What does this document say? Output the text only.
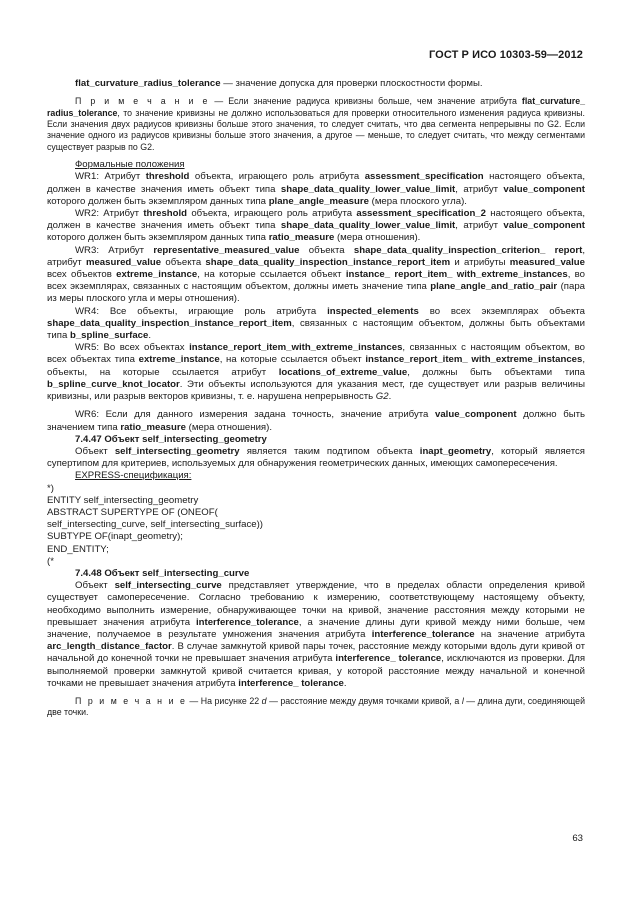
ГОСТ Р ИСО 10303-59—2012

flat_curvature_radius_tolerance — значение допуска для проверки плоскостности формы.

П р и м е ч а н и е — Если значение радиуса кривизны больше, чем значение атрибута flat_curvature_ radius_tolerance, то значение кривизны не должно использоваться для проверки относительного изменения радиуса кривизны. Если значения двух радиусов кривизны больше этого значения, то следует считать, что два сегмента непрерывны по G2. Если значение одного из радиусов кривизны больше этого значения, а другое — меньше, то следует считать, что между сегментами существует разрыв по G2.

Формальные положения

WR1: Атрибут threshold объекта, играющего роль атрибута assessment_specification настоящего объекта, должен в качестве значения иметь объект типа shape_data_quality_lower_value_limit, атрибут value_component которого должен быть экземпляром данных типа plane_angle_measure (мера плоского угла).

WR2: Атрибут threshold объекта, играющего роль атрибута assessment_specification_2 настоящего объекта, должен в качестве значения иметь объект типа shape_data_quality_lower_value_limit, атрибут value_component которого должен быть экземпляром данных типа ratio_measure (мера отношения).

WR3: Атрибут representative_measured_value объекта shape_data_quality_inspection_criterion_ report, атрибут measured_value объекта shape_data_quality_inspection_instance_report_item и атрибуты measured_value всех объектов extreme_instance, на которые ссылается объект instance_ report_item_ with_extreme_instances, во всех экземплярах, связанных с настоящим объектом, должны иметь значение типа plane_angle_and_ratio_pair (пара из меры плоского угла и меры отношения).

WR4: Все объекты, играющие роль атрибута inspected_elements во всех экземплярах объекта shape_data_quality_inspection_instance_report_item, связанных с настоящим объектом, должны быть объектами типа b_spline_surface.

WR5: Во всех объектах instance_report_item_with_extreme_instances, связанных с настоящим объектом, во всех объектах типа extreme_instance, на которые ссылается объект instance_report_item_ with_extreme_instances, объекты, на которые ссылается атрибут locations_of_extreme_value, должны быть объектами типа b_spline_curve_knot_locator. Эти объекты используются для указания мест, где существует или разрыв величины кривизны, или разрыв векторов кривизны, т. е. нарушена непрерывность G2.

WR6: Если для данного измерения задана точность, значение атрибута value_component должно быть значением типа ratio_measure (мера отношения).

7.4.47 Объект self_intersecting_geometry

Объект self_intersecting_geometry является таким подтипом объекта inapt_geometry, который является супертипом для критериев, используемых для обнаружения геометрических данных, имеющих самопересечения.

EXPRESS-спецификация:

*)
ENTITY self_intersecting_geometry
ABSTRACT SUPERTYPE OF (ONEOF(
self_intersecting_curve, self_intersecting_surface))
SUBTYPE OF(inapt_geometry);
END_ENTITY;
(*

7.4.48 Объект self_intersecting_curve

Объект self_intersecting_curve представляет утверждение, что в пределах области определения кривой существует самопересечение. Согласно требованию к измерению, соответствующему настоящему объекту, необходимо выполнить измерение, обнаруживающее точки на кривой, значение расстояния между которыми не превышает значения атрибута interference_tolerance, а значение длины дуги кривой между ними больше, чем значение, получаемое в результате умножения значения атрибута interference_tolerance на значение атрибута arc_length_distance_factor. В случае замкнутой кривой пары точек, расстояние между которыми вдоль дуги кривой от начальной до конечной точки не превышает значения атрибута interference_ tolerance, исключаются из проверки. Для выполняемой проверки замкнутой кривой считается кривая, у которой расстояние между начальной и конечной точками не превышает значения атрибута interference_ tolerance.

П р и м е ч а н и е — На рисунке 22 d — расстояние между двумя точками кривой, а l — длина дуги, соединяющей две точки.

63
